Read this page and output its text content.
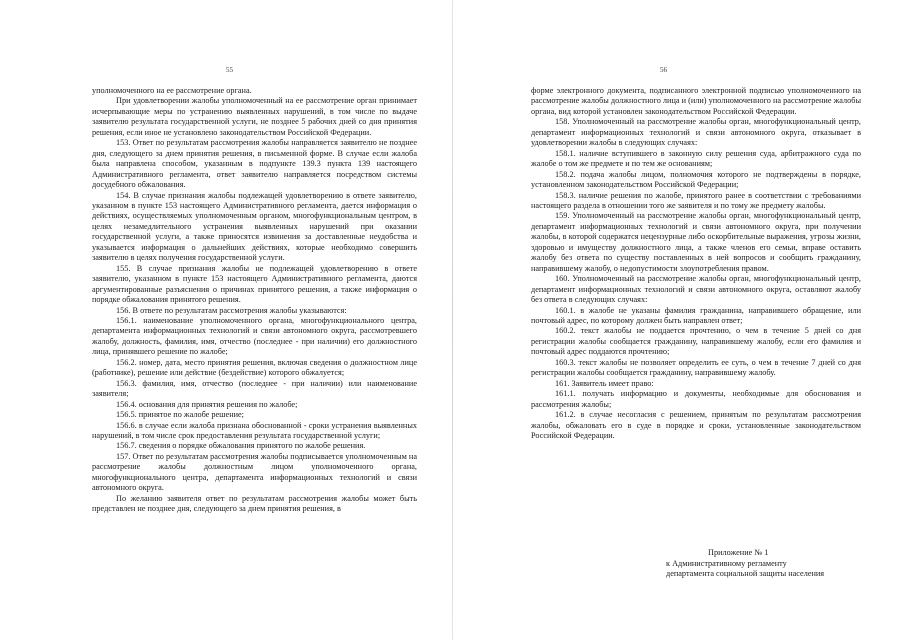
55

уполномоченного на ее рассмотрение органа.

При удовлетворении жалобы уполномоченный на ее рассмотрение орган принимает исчерпывающие меры по устранению выявленных нарушений, в том числе по выдаче заявителю результата государственной услуги, не позднее 5 рабочих дней со дня принятия решения, если иное не установлено законодательством Российской Федерации.

153. Ответ по результатам рассмотрения жалобы направляется заявителю не позднее дня, следующего за днем принятия решения, в письменной форме. В случае если жалоба была направлена способом, указанным в подпункте 139.3 пункта 139 настоящего Административного регламента, ответ заявителю направляется посредством системы досудебного обжалования.

154. В случае признания жалобы подлежащей удовлетворению в ответе заявителю, указанном в пункте 153 настоящего Административного регламента, дается информация о действиях, осуществляемых уполномоченным органом, многофункциональным центром, в целях незамедлительного устранения выявленных нарушений при оказании государственной услуги, а также приносятся извинения за доставленные неудобства и указывается информация о дальнейших действиях, которые необходимо совершить заявителю в целях получения государственной услуги.

155. В случае признания жалобы не подлежащей удовлетворению в ответе заявителю, указанном в пункте 153 настоящего Административного регламента, даются аргументированные разъяснения о причинах принятого решения, а также информация о порядке обжалования принятого решения.

156. В ответе по результатам рассмотрения жалобы указываются:

156.1. наименование уполномоченного органа, многофункционального центра, департамента информационных технологий и связи автономного округа, рассмотревшего жалобу, должность, фамилия, имя, отчество (последнее - при наличии) его должностного лица, принявшего решение по жалобе;

156.2. номер, дата, место принятия решения, включая сведения о должностном лице (работнике), решение или действие (бездействие) которого обжалуется;

156.3. фамилия, имя, отчество (последнее - при наличии) или наименование заявителя;

156.4. основания для принятия решения по жалобе;

156.5. принятое по жалобе решение;

156.6. в случае если жалоба признана обоснованной - сроки устранения выявленных нарушений, в том числе срок предоставления результата государственной услуги;

156.7. сведения о порядке обжалования принятого по жалобе решения.

157. Ответ по результатам рассмотрения жалобы подписывается уполномоченным на рассмотрение жалобы должностным лицом уполномоченного органа, многофункционального центра, департамента информационных технологий и связи автономного округа.

По желанию заявителя ответ по результатам рассмотрения жалобы может быть представлен не позднее дня, следующего за днем принятия решения, в

56

форме электронного документа, подписанного электронной подписью уполномоченного на рассмотрение жалобы должностного лица и (или) уполномоченного на рассмотрение жалобы органа, вид которой установлен законодательством Российской Федерации.

158. Уполномоченный на рассмотрение жалобы орган, многофункциональный центр, департамент информационных технологий и связи автономного округа, отказывает в удовлетворении жалобы в следующих случаях:

158.1. наличие вступившего в законную силу решения суда, арбитражного суда по жалобе о том же предмете и по тем же основаниям;

158.2. подача жалобы лицом, полномочия которого не подтверждены в порядке, установленном законодательством Российской Федерации;

158.3. наличие решения по жалобе, принятого ранее в соответствии с требованиями настоящего раздела в отношении того же заявителя и по тому же предмету жалобы.

159. Уполномоченный на рассмотрение жалобы орган, многофункциональный центр, департамент информационных технологий и связи автономного округа, при получении жалобы, в которой содержатся нецензурные либо оскорбительные выражения, угрозы жизни, здоровью и имуществу должностного лица, а также членов его семьи, вправе оставить жалобу без ответа по существу поставленных в ней вопросов и сообщить гражданину, направившему жалобу, о недопустимости злоупотребления правом.

160. Уполномоченный на рассмотрение жалобы орган, многофункциональный центр, департамент информационных технологий и связи автономного округа, оставляют жалобу без ответа в следующих случаях:

160.1. в жалобе не указаны фамилия гражданина, направившего обращение, или почтовый адрес, по которому должен быть направлен ответ;

160.2. текст жалобы не поддается прочтению, о чем в течение 5 дней со дня регистрации жалобы сообщается гражданину, направившему жалобу, если его фамилия и почтовый адрес поддаются прочтению;

160.3. текст жалобы не позволяет определить ее суть, о чем в течение 7 дней со дня регистрации жалобы сообщается гражданину, направившему жалобу.

161. Заявитель имеет право:

161.1. получать информацию и документы, необходимые для обоснования и рассмотрения жалобы;

161.2. в случае несогласия с решением, принятым по результатам рассмотрения жалобы, обжаловать его в суде в порядке и сроки, установленные законодательством Российской Федерации.

Приложение № 1
к Административному регламенту
департамента социальной защиты населения
